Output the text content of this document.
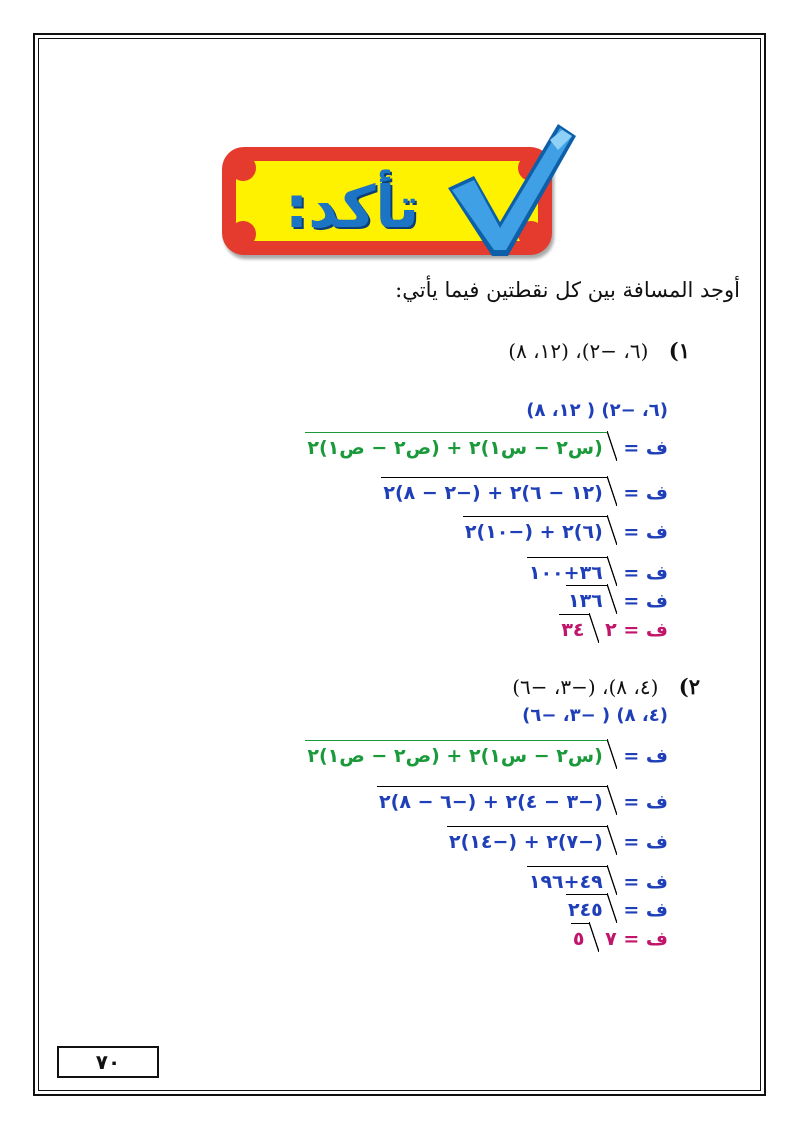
تأكد:
أوجد المسافة بين كل نقطتين فيما يأتي:
١) (٦، −٢)، (١٢، ٨)
(٦، −٢) ( ١٢، ٨)
ف = (س٢ − س١)٢ + (ص٢ − ص١)٢
ف = (١٢ − ٦)٢ + (−٢ − ٨)٢
ف = (٦)٢ + (−١٠)٢
ف = ٣٦+١٠٠
ف = ١٣٦
ف = ٢ ٣٤
٢) (٤، ٨)، (−٣، −٦)
(٤، ٨) ( −٣، −٦)
ف = (س٢ − س١)٢ + (ص٢ − ص١)٢
ف = (−٣ − ٤)٢ + (−٦ − ٨)٢
ف = (−٧)٢ + (−١٤)٢
ف = ٤٩+١٩٦
ف = ٢٤٥
ف = ٧ ٥
٧٠
